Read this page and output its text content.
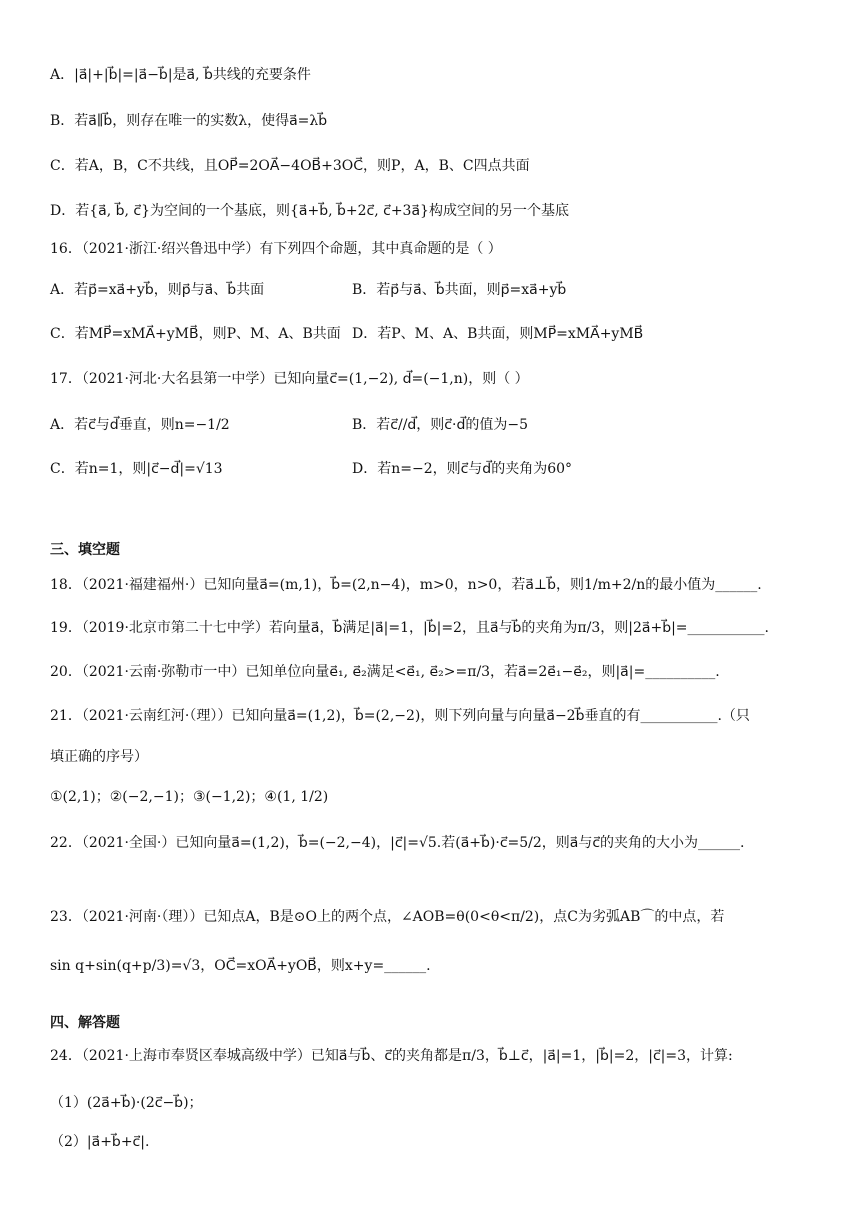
A．|a⃗|+|b⃗|=|a⃗−b⃗|是a⃗, b⃗共线的充要条件
B．若a⃗∥b⃗，则存在唯一的实数λ，使得a⃗=λb⃗
C．若A，B，C不共线，且OP⃗=2OA⃗−4OB⃗+3OC⃗，则P，A，B、C四点共面
D．若{a⃗, b⃗, c⃗}为空间的一个基底，则{a⃗+b⃗, b⃗+2c⃗, c⃗+3a⃗}构成空间的另一个基底
16．（2021·浙江·绍兴鲁迅中学）有下列四个命题，其中真命题的是（ ）
A．若p⃗=xa⃗+yb⃗，则p⃗与a⃗、b⃗共面	B．若p⃗与a⃗、b⃗共面，则p⃗=xa⃗+yb⃗
C．若MP⃗=xMA⃗+yMB⃗，则P、M、A、B共面 D．若P、M、A、B共面，则MP⃗=xMA⃗+yMB⃗
17．（2021·河北·大名县第一中学）已知向量c⃗=(1,−2), d⃗=(−1,n)，则（ ）
A．若c⃗与d⃗垂直，则n=−1/2	B．若c⃗//d⃗，则c⃗·d⃗的值为−5
C．若n=1，则|c⃗−d⃗|=√13	D．若n=−2，则c⃗与d⃗的夹角为60°
三、填空题
18．（2021·福建福州·）已知向量a⃗=(m,1)，b⃗=(2,n−4)，m>0，n>0，若a⃗⊥b⃗，则1/m+2/n的最小值为______.
19．（2019·北京市第二十七中学）若向量a⃗，b⃗满足|a⃗|=1，|b⃗|=2，且a⃗与b⃗的夹角为π/3，则|2a⃗+b⃗|=___________.
20．（2021·云南·弥勒市一中）已知单位向量e⃗₁, e⃗₂满足<e⃗₁, e⃗₂>=π/3，若a⃗=2e⃗₁−e⃗₂，则|a⃗|=__________.
21．（2021·云南红河·（理））已知向量a⃗=(1,2)，b⃗=(2,−2)，则下列向量与向量a⃗−2b⃗垂直的有___________.（只
填正确的序号）
①(2,1)；②(−2,−1)；③(−1,2)；④(1, 1/2)
22．（2021·全国·）已知向量a⃗=(1,2)，b⃗=(−2,−4)，|c⃗|=√5.若(a⃗+b⃗)·c⃗=5/2，则a⃗与c⃗的夹角的大小为______.
23．（2021·河南·（理））已知点A，B是⊙O上的两个点，∠AOB=θ(0<θ<π/2)，点C为劣弧AB⌒的中点，若
sin q+sin(q+p/3)=√3，OC⃗=xOA⃗+yOB⃗，则x+y=______.
四、解答题
24．（2021·上海市奉贤区奉城高级中学）已知a⃗与b⃗、c⃗的夹角都是π/3，b⃗⊥c⃗，|a⃗|=1，|b⃗|=2，|c⃗|=3，计算:
（1）(2a⃗+b⃗)·(2c⃗−b⃗)；
（2）|a⃗+b⃗+c⃗|.
